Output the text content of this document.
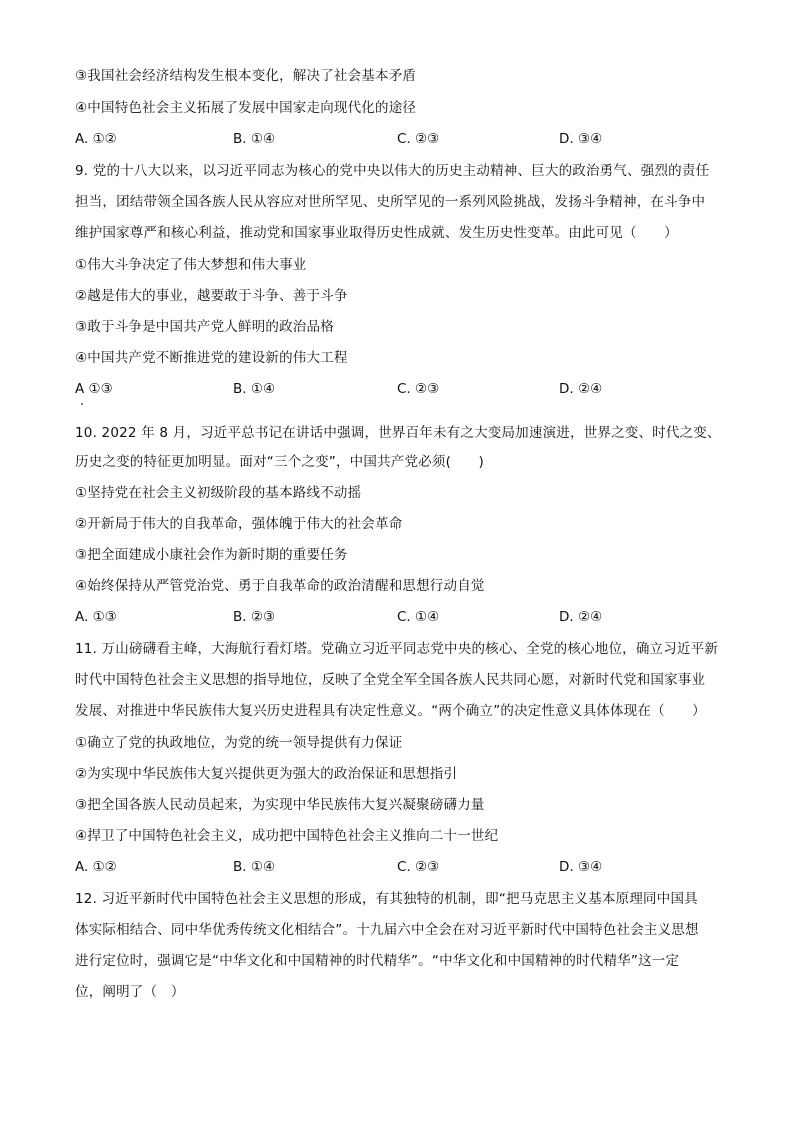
③我国社会经济结构发生根本变化，解决了社会基本矛盾
④中国特色社会主义拓展了发展中国家走向现代化的途径
A. ①②	B. ①④	C. ②③	D. ③④
9. 党的十八大以来，以习近平同志为核心的党中央以伟大的历史主动精神、巨大的政治勇气、强烈的责任
担当，团结带领全国各族人民从容应对世所罕见、史所罕见的一系列风险挑战，发扬斗争精神，在斗争中
维护国家尊严和核心利益，推动党和国家事业取得历史性成就、发生历史性变革。由此可见（　　）
①伟大斗争决定了伟大梦想和伟大事业
②越是伟大的事业，越要敢于斗争、善于斗争
③敢于斗争是中国共产党人鲜明的政治品格
④中国共产党不断推进党的建设新的伟大工程
A ①③	B. ①④	C. ②③	D. ②④
10. 2022 年 8 月，习近平总书记在讲话中强调，世界百年未有之大变局加速演进，世界之变、时代之变、
历史之变的特征更加明显。面对“三个之变”，中国共产党必须(　　)
①坚持党在社会主义初级阶段的基本路线不动摇
②开新局于伟大的自我革命，强体魄于伟大的社会革命
③把全面建成小康社会作为新时期的重要任务
④始终保持从严管党治党、勇于自我革命的政治清醒和思想行动自觉
A. ①③	B. ②③	C. ①④	D. ②④
11. 万山磅礴看主峰，大海航行看灯塔。党确立习近平同志党中央的核心、全党的核心地位，确立习近平新
时代中国特色社会主义思想的指导地位，反映了全党全军全国各族人民共同心愿，对新时代党和国家事业
发展、对推进中华民族伟大复兴历史进程具有决定性意义。“两个确立”的决定性意义具体体现在（　　）
①确立了党的执政地位，为党的统一领导提供有力保证
②为实现中华民族伟大复兴提供更为强大的政治保证和思想指引
③把全国各族人民动员起来，为实现中华民族伟大复兴凝聚磅礴力量
④捍卫了中国特色社会主义，成功把中国特色社会主义推向二十一世纪
A. ①②	B. ①④	C. ②③	D. ③④
12. 习近平新时代中国特色社会主义思想的形成，有其独特的机制，即“把马克思主义基本原理同中国具
体实际相结合、同中华优秀传统文化相结合”。十九届六中全会在对习近平新时代中国特色社会主义思想
进行定位时，强调它是“中华文化和中国精神的时代精华”。“中华文化和中国精神的时代精华”这一定
位，阐明了（　）
